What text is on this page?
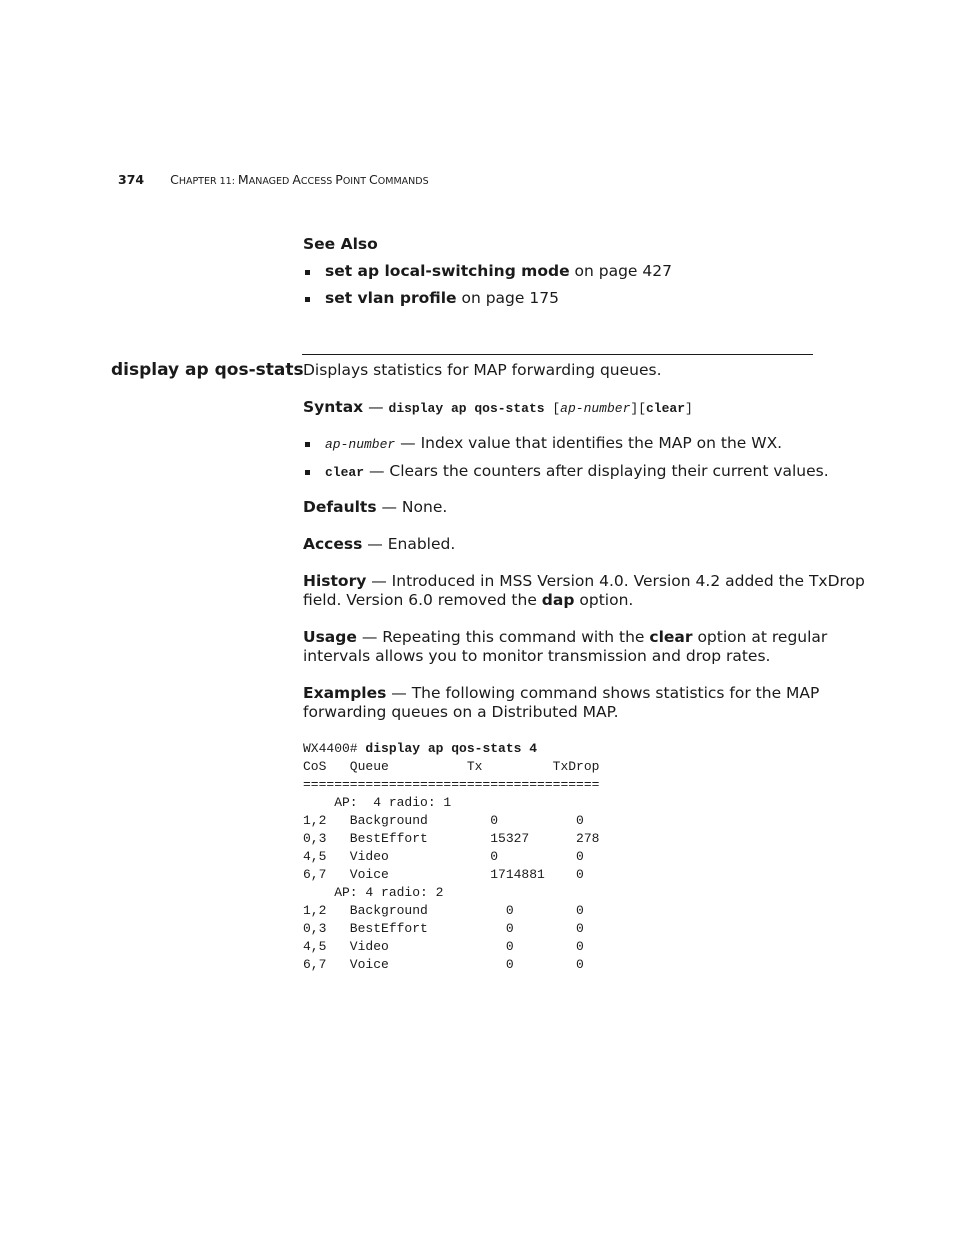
374 CHAPTER 11: MANAGED ACCESS POINT COMMANDS
See Also
set ap local-switching mode on page 427
set vlan profile on page 175
display ap qos-stats Displays statistics for MAP forwarding queues.
Syntax — display ap qos-stats [ap-number][clear]
ap-number — Index value that identifies the MAP on the WX.
clear — Clears the counters after displaying their current values.
Defaults — None.
Access — Enabled.
History — Introduced in MSS Version 4.0. Version 4.2 added the TxDrop
field. Version 6.0 removed the dap option.
Usage — Repeating this command with the clear option at regular
intervals allows you to monitor transmission and drop rates.
Examples — The following command shows statistics for the MAP
forwarding queues on a Distributed MAP.
WX4400# display ap qos-stats 4
CoS   Queue          Tx         TxDrop
======================================
AP:  4 radio: 1
1,2   Background        0          0
0,3   BestEffort        15327      278
4,5   Video             0          0
6,7   Voice             1714881    0
AP: 4 radio: 2
1,2   Background          0        0
0,3   BestEffort          0        0
4,5   Video               0        0
6,7   Voice               0        0
